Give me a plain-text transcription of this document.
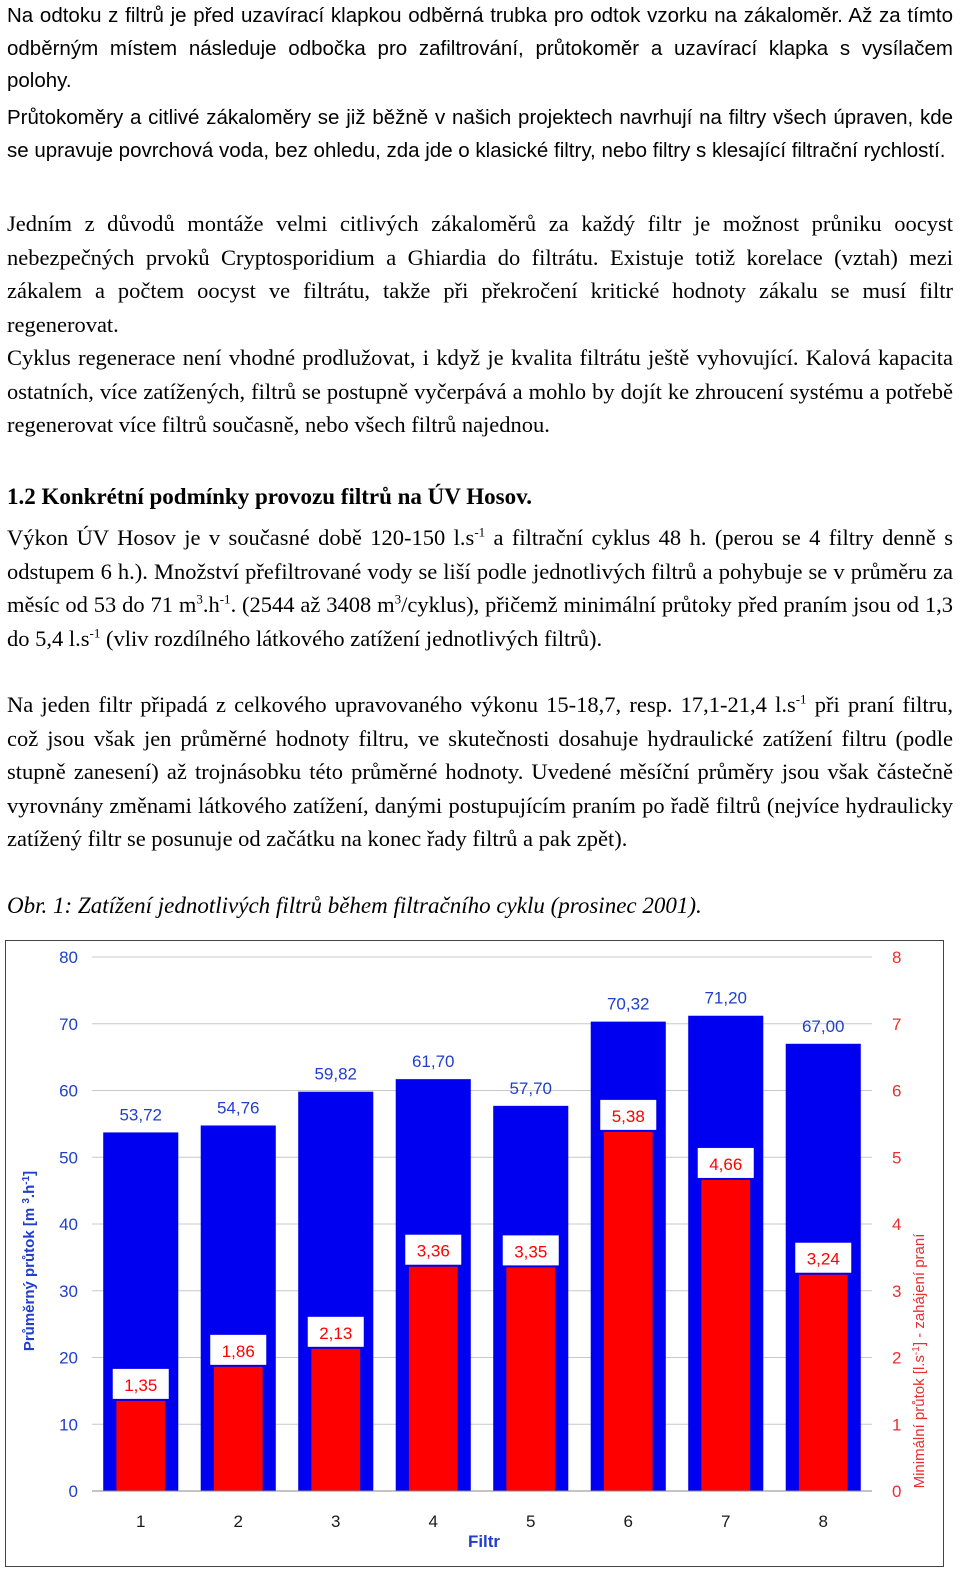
Na odtoku z filtrů je před uzavírací klapkou odběrná trubka pro odtok vzorku na zákaloměr. Až za tímto odběrným místem následuje odbočka pro zafiltrování, průtokoměr a uzavírací klapka s vysílačem polohy.

Průtokoměry a citlivé zákaloměry se již běžně v našich projektech navrhují na filtry všech úpraven, kde se upravuje povrchová voda, bez ohledu, zda jde o klasické filtry, nebo filtry s klesající filtrační rychlostí.

Jedním z důvodů montáže velmi citlivých zákaloměrů za každý filtr je možnost průniku oocyst nebezpečných prvoků Cryptosporidium a Ghiardia do filtrátu. Existuje totiž korelace (vztah) mezi zákalem a počtem oocyst ve filtrátu, takže při překročení kritické hodnoty zákalu se musí filtr regenerovat.

Cyklus regenerace není vhodné prodlužovat, i když je kvalita filtrátu ještě vyhovující. Kalová kapacita ostatních, více zatížených, filtrů se postupně vyčerpává a mohlo by dojít ke zhroucení systému a potřebě regenerovat více filtrů současně, nebo všech filtrů najednou.

1.2 Konkrétní podmínky provozu filtrů na ÚV Hosov.

Výkon ÚV Hosov je v současné době 120-150 $l.s^{-1}$ a filtrační cyklus 48 h. (perou se 4 filtry denně s odstupem 6 h.). Množství přefiltrované vody se liší podle jednotlivých filtrů a pohybuje se v průměru za měsíc od 53 do 71 $m^3.h^{-1}$. (2544 až 3408 $m^3/cyklus$), přičemž minimální průtoky před praním jsou od 1,3 do 5,4 $l.s^{-1}$ (vliv rozdílného látkového zatížení jednotlivých filtrů).

Na jeden filtr připadá z celkového upravovaného výkonu 15-18,7, resp. 17,1-21,4 $l.s^{-1}$ při praní filtru, což jsou však jen průměrné hodnoty filtru, ve skutečnosti dosahuje hydraulické zatížení filtru (podle stupně zanesení) až trojnásobku této průměrné hodnoty. Uvedené měsíční průměry jsou však částečně vyrovnány změnami látkového zatížení, danými postupujícím praním po řadě filtrů (nejvíce hydraulicky zatížený filtr se posunuje od začátku na konec řady filtrů a pak zpět).

Obr. 1: Zatížení jednotlivých filtrů během filtračního cyklu (prosinec 2001).

1,35
53,72
1
1,86
54,76
2
2,13
59,82
3
3,36
61,70
4
3,35
57,70
5
5,38
70,32
6
4,66
71,20
7
3,24
67,00
8
0
10
20
30
40
50
60
70
80
0
1
2
3
4
5
6
7
8
Průměrný průtok [m $^3.h^{-1}$]
Minimální průtok $[l.s^{-1}]$ - zahájení praní
Filtr
